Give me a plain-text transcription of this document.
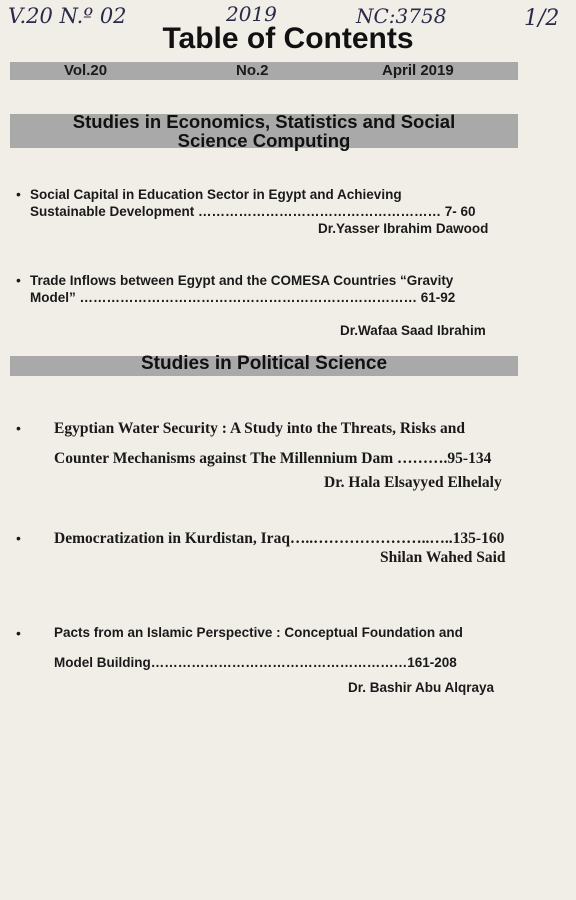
V.20 N.º 02	2019	NC:3758	1/2
Table of Contents
Vol.20	No.2	April 2019
Studies in Economics, Statistics and Social
Science Computing
• Social Capital in Education Sector in Egypt and Achieving
Sustainable Development ……………………………………………… 7- 60
Dr.Yasser Ibrahim Dawood
• Trade Inflows between Egypt and the COMESA Countries “Gravity
Model” ………………………………………………………………… 61-92
Dr.Wafaa Saad Ibrahim
Studies in Political Science
• Egyptian Water Security : A Study into the Threats, Risks and
Counter Mechanisms against The Millennium Dam ……….95-134
Dr. Hala Elsayyed Elhelaly
• Democratization in Kurdistan, Iraq…..…………………..…..135-160
Shilan Wahed Said
• Pacts from an Islamic Perspective : Conceptual Foundation and
Model Building…………………………………………………161-208
Dr. Bashir Abu Alqraya
